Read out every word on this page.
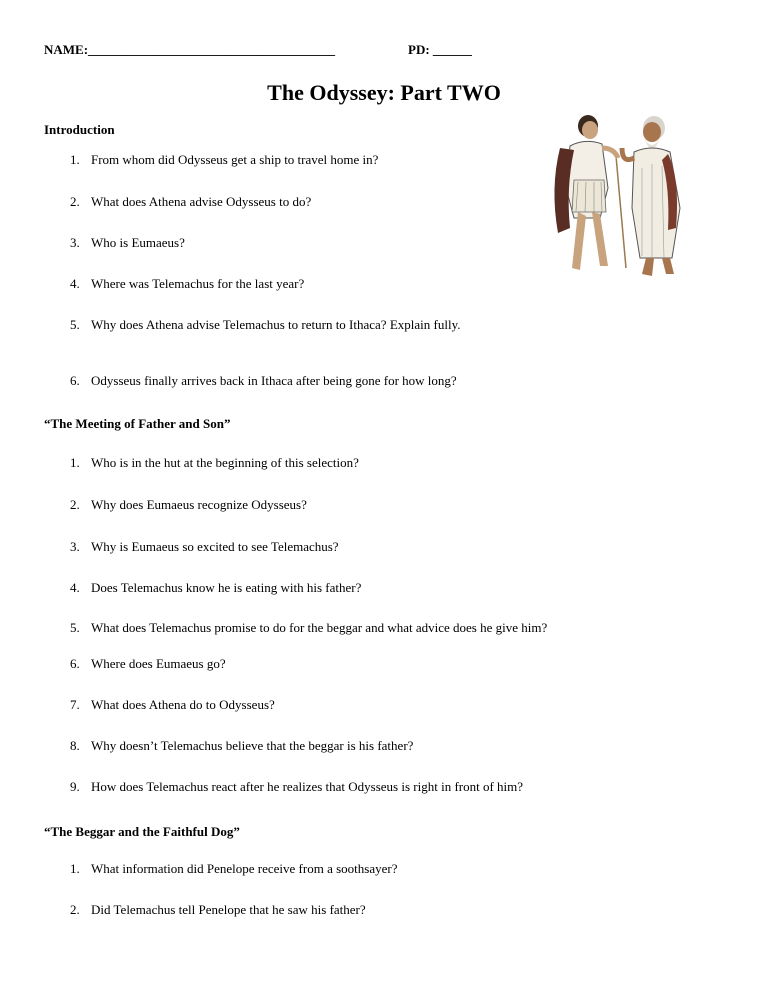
NAME:______________________________________	PD: ______
The Odyssey: Part TWO
Introduction
1. From whom did Odysseus get a ship to travel home in?
2. What does Athena advise Odysseus to do?
3. Who is Eumaeus?
4. Where was Telemachus for the last year?
5. Why does Athena advise Telemachus to return to Ithaca? Explain fully.
6. Odysseus finally arrives back in Ithaca after being gone for how long?
“The Meeting of Father and Son”
1. Who is in the hut at the beginning of this selection?
2. Why does Eumaeus recognize Odysseus?
3. Why is Eumaeus so excited to see Telemachus?
4. Does Telemachus know he is eating with his father?
5. What does Telemachus promise to do for the beggar and what advice does he give him?
6. Where does Eumaeus go?
7. What does Athena do to Odysseus?
8. Why doesn’t Telemachus believe that the beggar is his father?
9. How does Telemachus react after he realizes that Odysseus is right in front of him?
“The Beggar and the Faithful Dog”
1. What information did Penelope receive from a soothsayer?
2. Did Telemachus tell Penelope that he saw his father?
